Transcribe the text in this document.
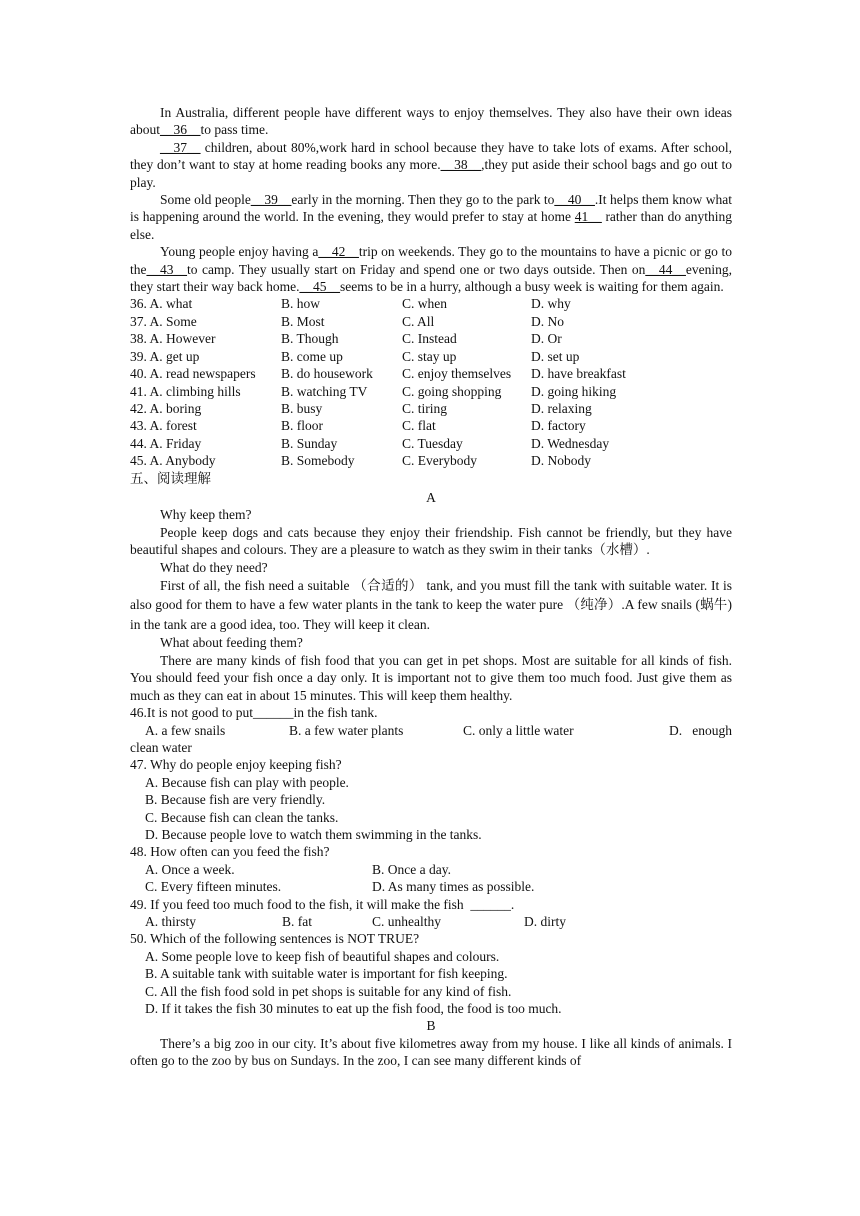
In Australia, different people have different ways to enjoy themselves. They also have their own ideas about__36__to pass time.

__37__ children, about 80%,work hard in school because they have to take lots of exams. After school, they don’t want to stay at home reading books any more.__38__,they put aside their school bags and go out to play.

Some old people__39__early in the morning. Then they go to the park to__40__.It helps them know what is happening around the world. In the evening, they would prefer to stay at home 41__ rather than do anything else.

Young people enjoy having a__42__trip on weekends. They go to the mountains to have a picnic or go to the__43__to camp. They usually start on Friday and spend one or two days outside. Then on__44__evening, they start their way back home.__45__seems to be in a hurry, although a busy week is waiting for them again.

36. A. what	B. how	C. when	D. why
37. A. Some	B. Most	C. All	D. No
38. A. However	B. Though	C. Instead	D. Or
39. A. get up	B. come up	C. stay up	D. set up
40. A. read newspapers	B. do housework	C. enjoy themselves	D. have breakfast
41. A. climbing hills	B. watching TV	C. going shopping	D. going hiking
42. A. boring	B. busy	C. tiring	D. relaxing
43. A. forest	B. floor	C. flat	D. factory
44. A. Friday	B. Sunday	C. Tuesday	D. Wednesday
45. A. Anybody	B. Somebody	C. Everybody	D. Nobody

五、阅读理解

A

Why keep them?

People keep dogs and cats because they enjoy their friendship. Fish cannot be friendly, but they have beautiful shapes and colours. They are a pleasure to watch as they swim in their tanks（水槽）.

What do they need?

First of all, the fish need a suitable （合适的） tank, and you must fill the tank with suitable water. It is also good for them to have a few water plants in the tank to keep the water pure （纯净）.A few snails (蜗牛) in the tank are a good idea, too. They will keep it clean.

What about feeding them?

There are many kinds of fish food that you can get in pet shops. Most are suitable for all kinds of fish. You should feed your fish once a day only. It is important not to give them too much food. Just give them as much as they can eat in about 15 minutes. This will keep them healthy.

46.It is not good to put______in the fish tank.

A. a few snails	B. a few water plants	C. only a little water	D.   enough

clean water

47. Why do people enjoy keeping fish?

A. Because fish can play with people.

B. Because fish are very friendly.

C. Because fish can clean the tanks.

D. Because people love to watch them swimming in the tanks.

48. How often can you feed the fish?

A. Once a week.	B. Once a day.
C. Every fifteen minutes.	D. As many times as possible.

49. If you feed too much food to the fish, it will make the fish  ______.

A. thirsty	B. fat	C. unhealthy	D. dirty

50. Which of the following sentences is NOT TRUE?

A. Some people love to keep fish of beautiful shapes and colours.

B. A suitable tank with suitable water is important for fish keeping.

C. All the fish food sold in pet shops is suitable for any kind of fish.

D. If it takes the fish 30 minutes to eat up the fish food, the food is too much.

B

There’s a big zoo in our city. It’s about five kilometres away from my house. I like all kinds of animals. I often go to the zoo by bus on Sundays. In the zoo, I can see many different kinds of
